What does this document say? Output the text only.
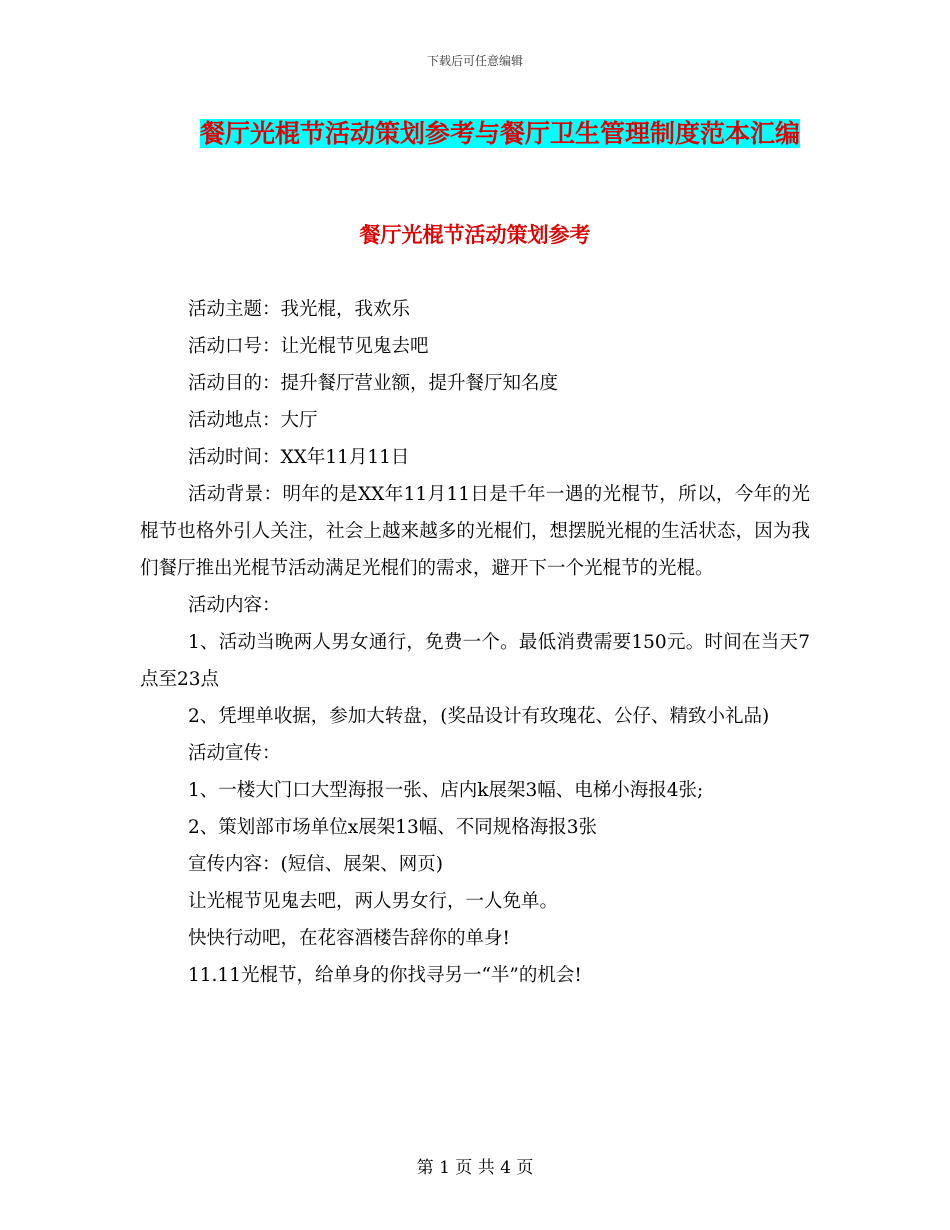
下载后可任意编辑
餐厅光棍节活动策划参考与餐厅卫生管理制度范本汇编
餐厅光棍节活动策划参考

活动主题：我光棍，我欢乐

活动口号：让光棍节见鬼去吧

活动目的：提升餐厅营业额，提升餐厅知名度

活动地点：大厅

活动时间：XX年11月11日

活动背景：明年的是XX年11月11日是千年一遇的光棍节，所以，今年的光棍节也格外引人关注，社会上越来越多的光棍们，想摆脱光棍的生活状态，因为我们餐厅推出光棍节活动满足光棍们的需求，避开下一个光棍节的光棍。

活动内容：

1、活动当晚两人男女通行，免费一个。最低消费需要150元。时间在当天7点至23点

2、凭埋单收据，参加大转盘，(奖品设计有玫瑰花、公仔、精致小礼品)

活动宣传：

1、一楼大门口大型海报一张、店内k展架3幅、电梯小海报4张;

2、策划部市场单位x展架13幅、不同规格海报3张

宣传内容：(短信、展架、网页)

让光棍节见鬼去吧，两人男女行，一人免单。

快快行动吧，在花容酒楼告辞你的单身!

11.11光棍节，给单身的你找寻另一“半”的机会!

第 1 页 共 4 页
